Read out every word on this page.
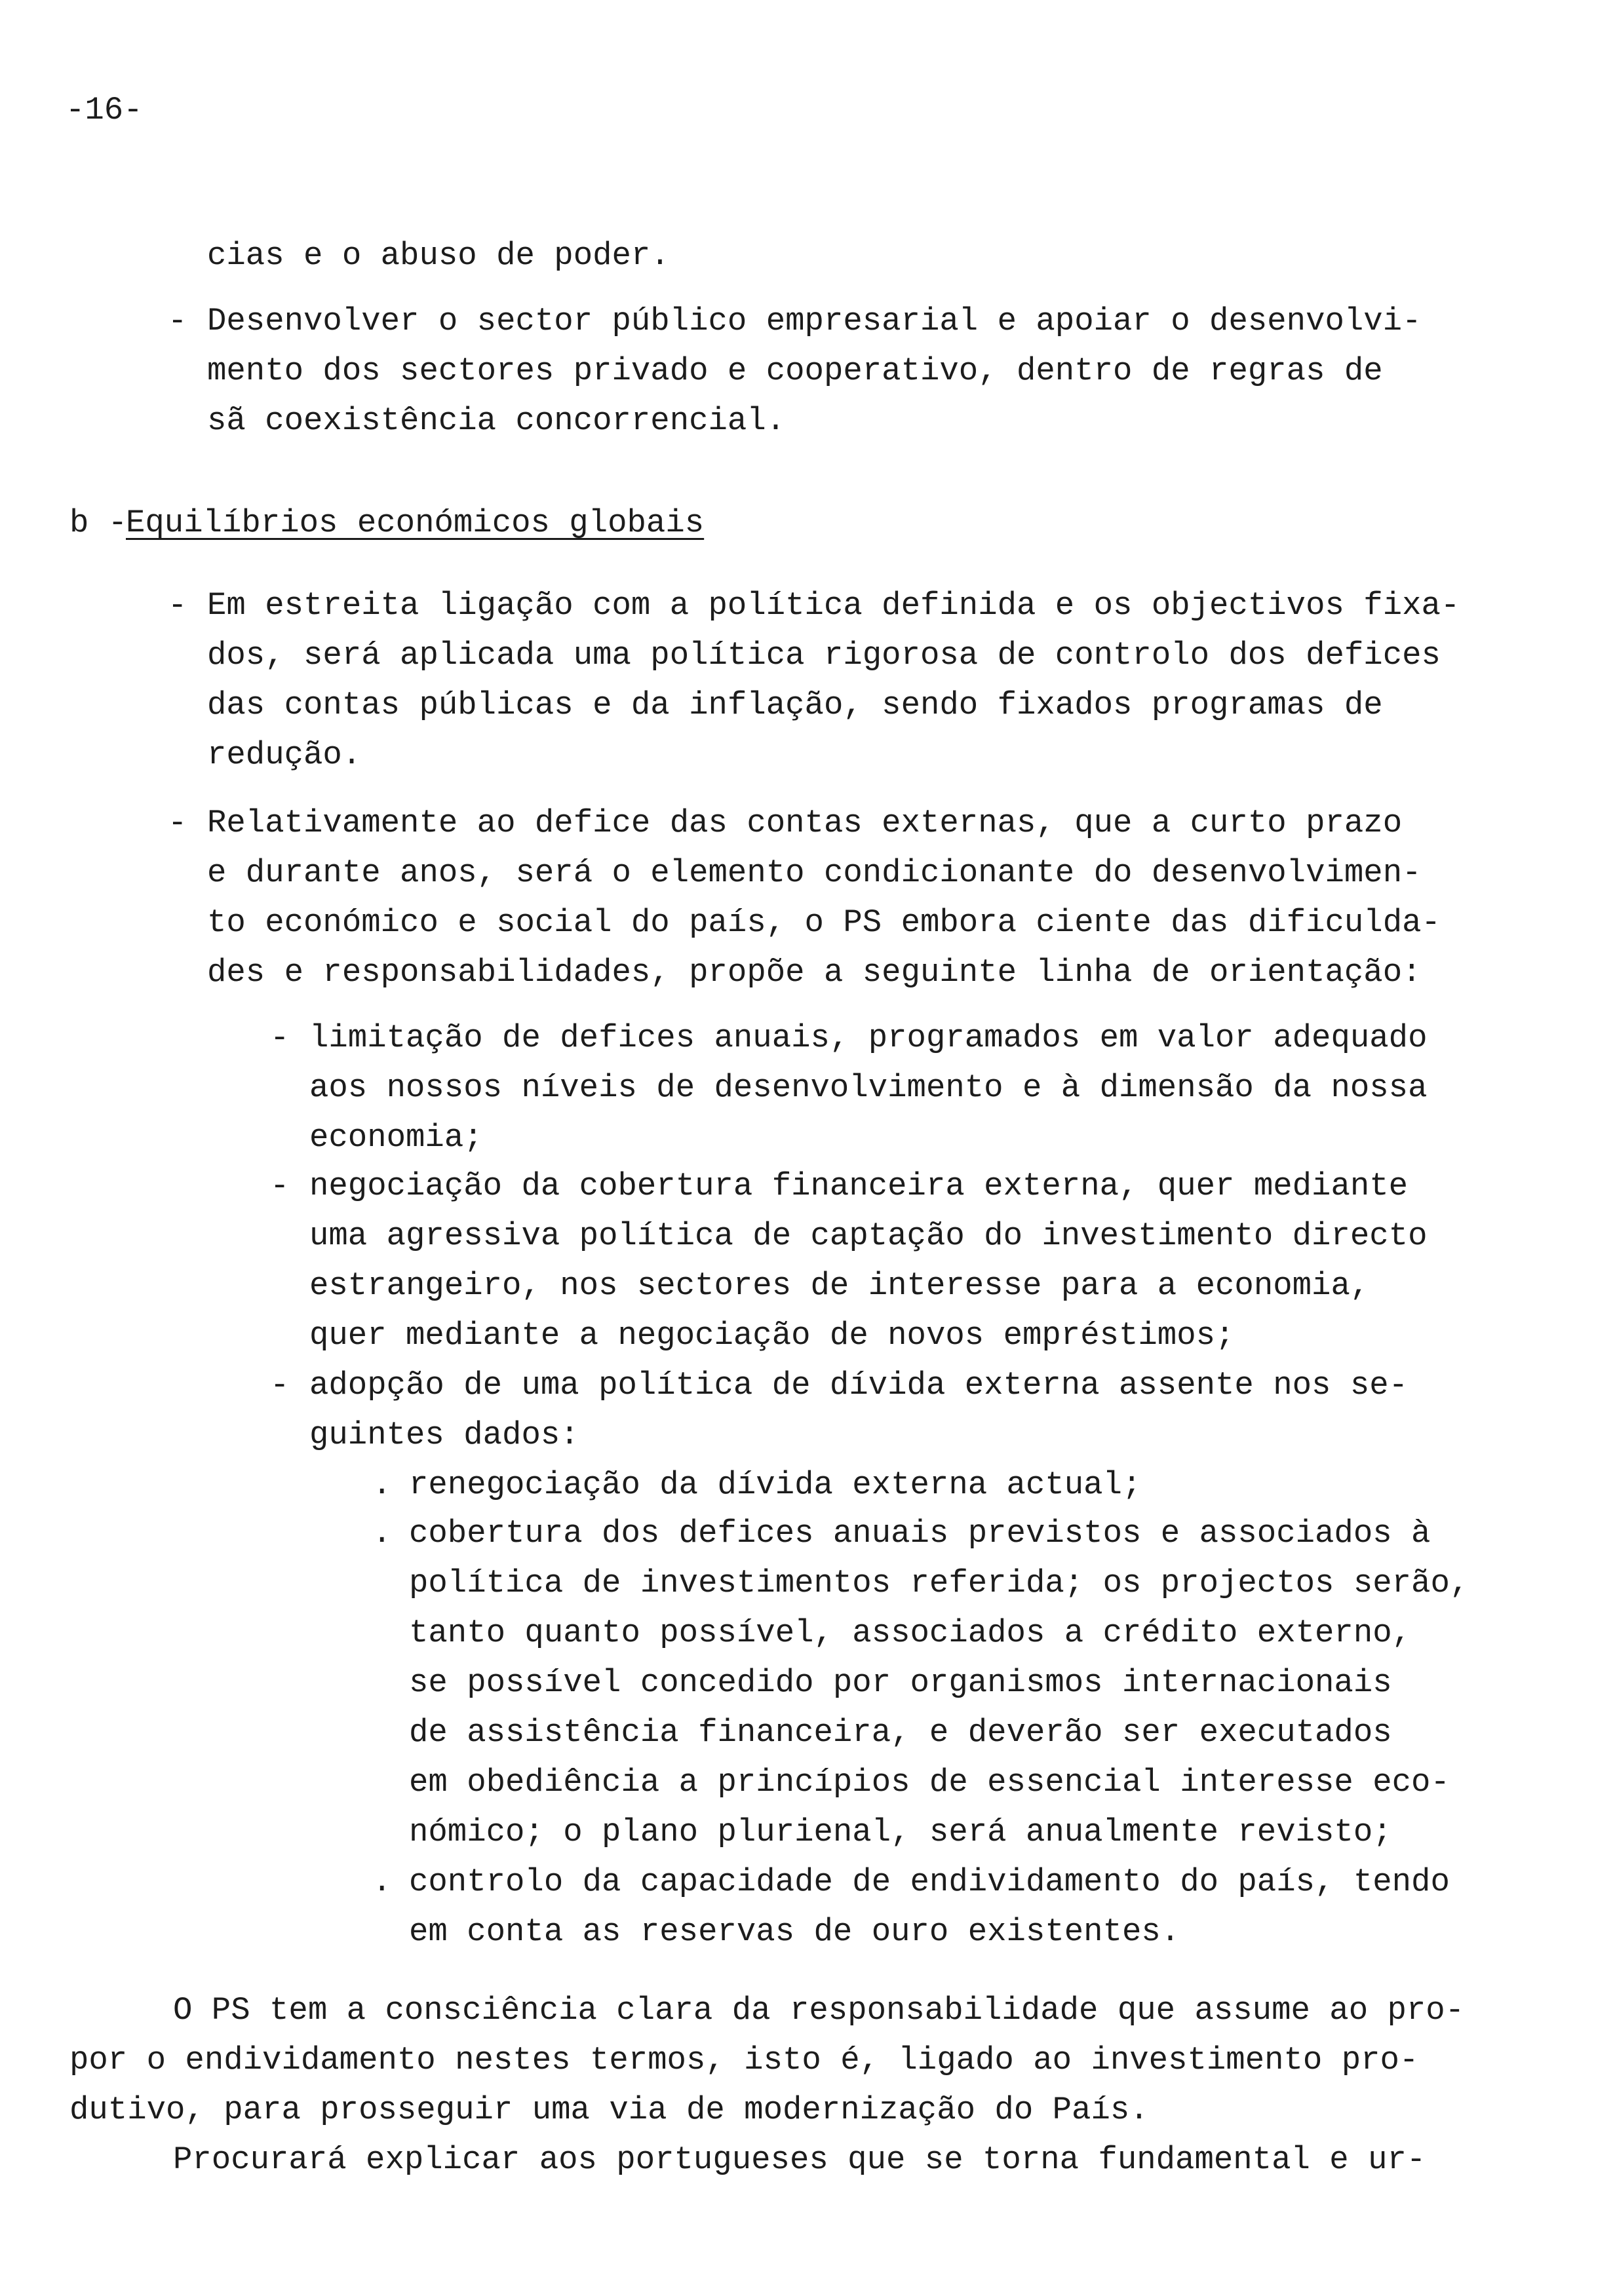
-16-
cias e o abuso de poder.
- Desenvolver o sector público empresarial e apoiar o desenvolvi-
mento dos sectores privado e cooperativo, dentro de regras de
sã coexistência concorrencial.
b -Equilíbrios económicos globais
- Em estreita ligação com a política definida e os objectivos fixa-
dos, será aplicada uma política rigorosa de controlo dos defices
das contas públicas e da inflação, sendo fixados programas de
redução.
- Relativamente ao defice das contas externas, que a curto prazo
e durante anos, será o elemento condicionante do desenvolvimen-
to económico e social do país, o PS embora ciente das dificulda-
des e responsabilidades, propõe a seguinte linha de orientação:
- limitação de defices anuais, programados em valor adequado
aos nossos níveis de desenvolvimento e à dimensão da nossa
economia;
- negociação da cobertura financeira externa, quer mediante
uma agressiva política de captação do investimento directo
estrangeiro, nos sectores de interesse para a economia,
quer mediante a negociação de novos empréstimos;
- adopção de uma política de dívida externa assente nos se-
guintes dados:
. renegociação da dívida externa actual;
. cobertura dos defices anuais previstos e associados à
política de investimentos referida; os projectos serão,
tanto quanto possível, associados a crédito externo,
se possível concedido por organismos internacionais
de assistência financeira, e deverão ser executados
em obediência a princípios de essencial interesse eco-
nómico; o plano plurienal, será anualmente revisto;
. controlo da capacidade de endividamento do país, tendo
em conta as reservas de ouro existentes.
O PS tem a consciência clara da responsabilidade que assume ao pro-
por o endividamento nestes termos, isto é, ligado ao investimento pro-
dutivo, para prosseguir uma via de modernização do País.
Procurará explicar aos portugueses que se torna fundamental e ur-
